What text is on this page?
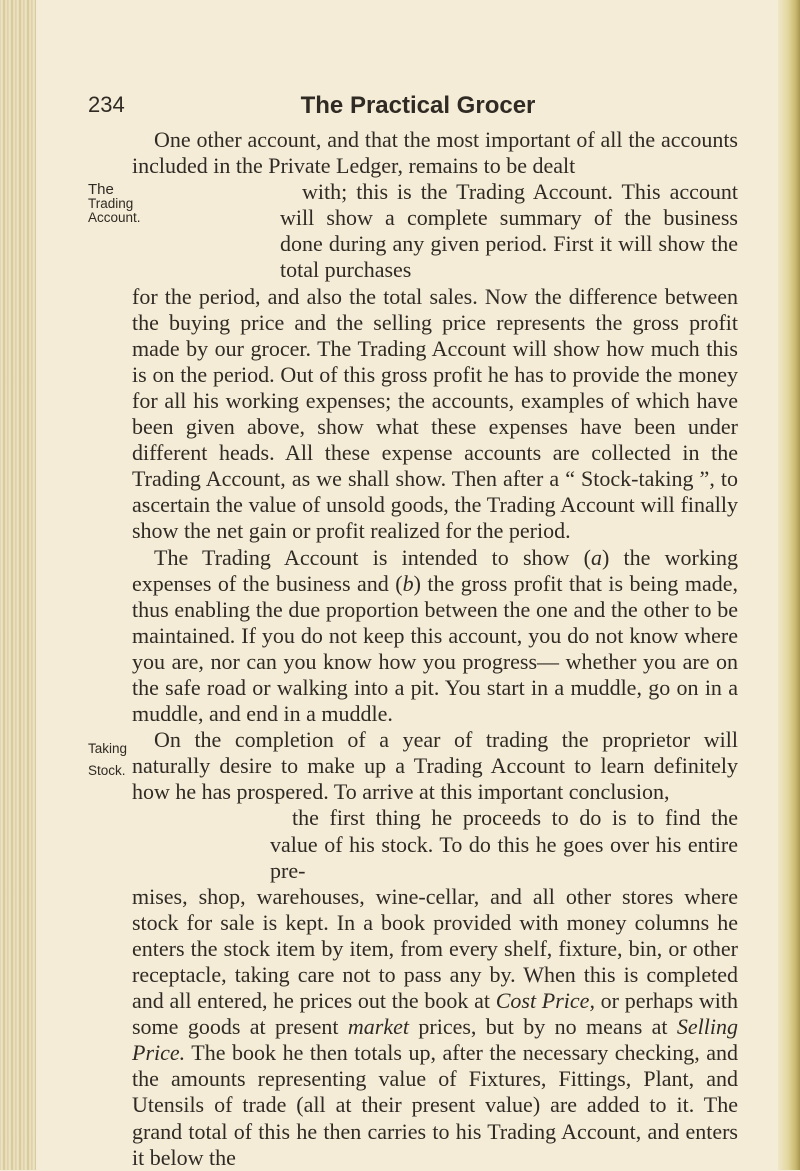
234	The Practical Grocer
The
Trading
Account.
Taking
Stock.

One other account, and that the most important of all the accounts included in the Private Ledger, remains to be dealt
with; this is the Trading Account. This account will show a complete summary of the business done during any given period. First it will show the total purchases
for the period, and also the total sales. Now the difference between the buying price and the selling price represents the gross profit made by our grocer. The Trading Account will show how much this is on the period. Out of this gross profit he has to provide the money for all his working expenses; the accounts, examples of which have been given above, show what these expenses have been under different heads. All these expense accounts are collected in the Trading Account, as we shall show. Then after a “ Stock-taking ”, to ascertain the value of unsold goods, the Trading Account will finally show the net gain or profit realized for the period.

The Trading Account is intended to show (a) the working expenses of the business and (b) the gross profit that is being made, thus enabling the due proportion between the one and the other to be maintained. If you do not keep this account, you do not know where you are, nor can you know how you progress— whether you are on the safe road or walking into a pit. You start in a muddle, go on in a muddle, and end in a muddle.

On the completion of a year of trading the proprietor will naturally desire to make up a Trading Account to learn definitely how he has prospered. To arrive at this important conclusion,
the first thing he proceeds to do is to find the value of his stock. To do this he goes over his entire pre-
mises, shop, warehouses, wine-cellar, and all other stores where stock for sale is kept. In a book provided with money columns he enters the stock item by item, from every shelf, fixture, bin, or other receptacle, taking care not to pass any by. When this is completed and all entered, he prices out the book at Cost Price, or perhaps with some goods at present market prices, but by no means at Selling Price. The book he then totals up, after the necessary checking, and the amounts representing value of Fixtures, Fittings, Plant, and Utensils of trade (all at their present value) are added to it. The grand total of this he then carries to his Trading Account, and enters it below the
